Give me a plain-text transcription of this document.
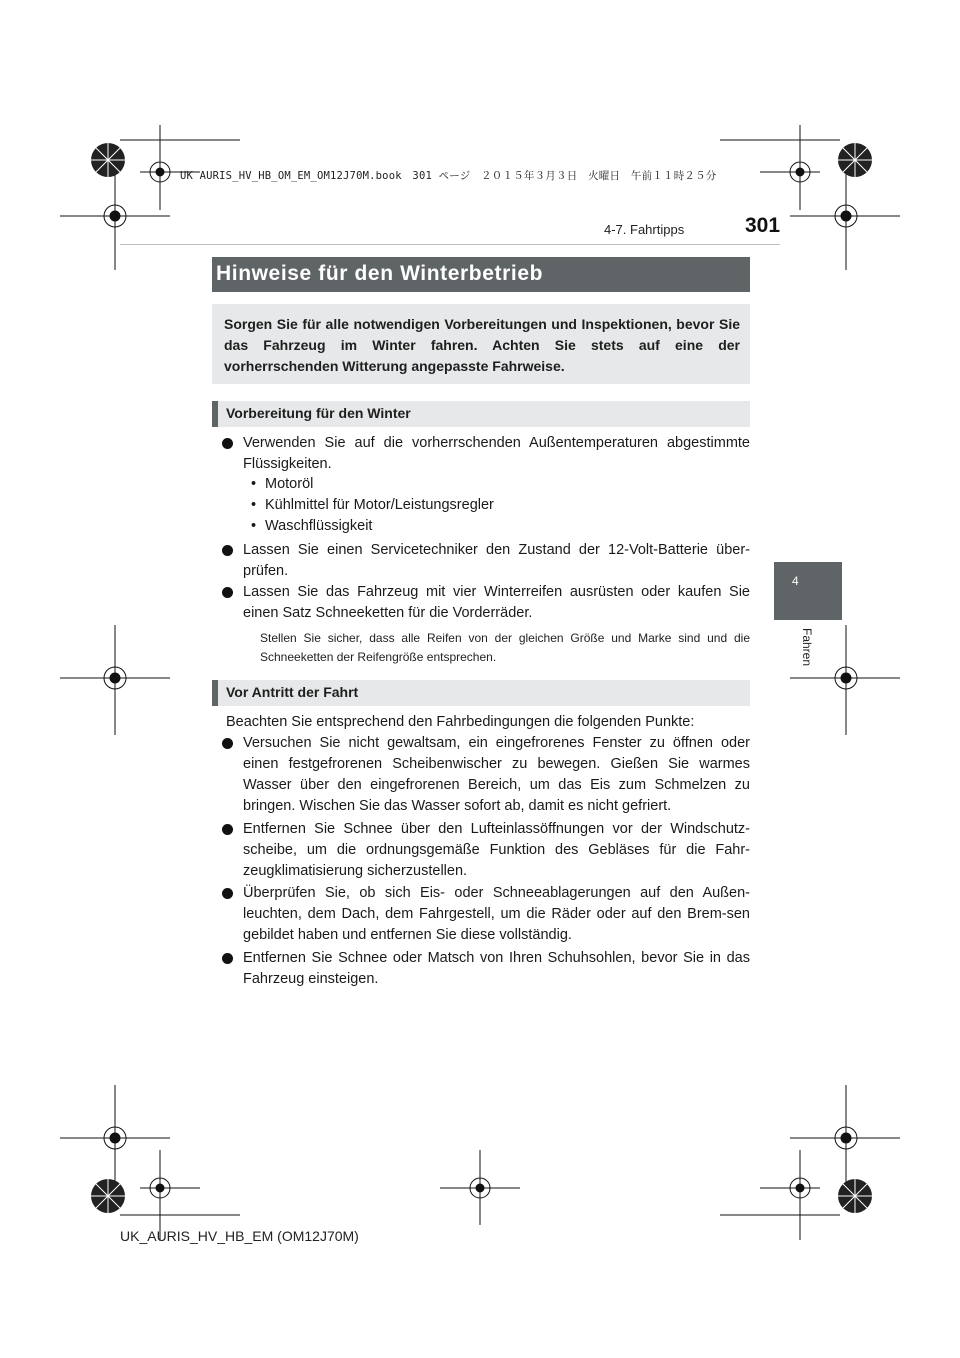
UK AURIS_HV_HB_OM_EM_OM12J70M.book　301 ページ　２０１５年３月３日　火曜日　午前１１時２５分
4-7. Fahrtipps	301
4
Fahren
Hinweise für den Winterbetrieb
Sorgen Sie für alle notwendigen Vorbereitungen und Inspektionen, bevor Sie das Fahrzeug im Winter fahren. Achten Sie stets auf eine der vorherrschenden Witterung angepasste Fahrweise.
Vorbereitung für den Winter
Verwenden Sie auf die vorherrschenden Außentemperaturen abgestimmte Flüssigkeiten.
• Motoröl
• Kühlmittel für Motor/Leistungsregler
• Waschflüssigkeit
Lassen Sie einen Servicetechniker den Zustand der 12-Volt-Batterie über-prüfen.
Lassen Sie das Fahrzeug mit vier Winterreifen ausrüsten oder kaufen Sie einen Satz Schneeketten für die Vorderräder.
Stellen Sie sicher, dass alle Reifen von der gleichen Größe und Marke sind und die Schneeketten der Reifengröße entsprechen.
Vor Antritt der Fahrt
Beachten Sie entsprechend den Fahrbedingungen die folgenden Punkte:
Versuchen Sie nicht gewaltsam, ein eingefrorenes Fenster zu öffnen oder einen festgefrorenen Scheibenwischer zu bewegen. Gießen Sie warmes Wasser über den eingefrorenen Bereich, um das Eis zum Schmelzen zu bringen. Wischen Sie das Wasser sofort ab, damit es nicht gefriert.
Entfernen Sie Schnee über den Lufteinlassöffnungen vor der Windschutz-scheibe, um die ordnungsgemäße Funktion des Gebläses für die Fahr-zeugklimatisierung sicherzustellen.
Überprüfen Sie, ob sich Eis- oder Schneeablagerungen auf den Außen-leuchten, dem Dach, dem Fahrgestell, um die Räder oder auf den Brem-sen gebildet haben und entfernen Sie diese vollständig.
Entfernen Sie Schnee oder Matsch von Ihren Schuhsohlen, bevor Sie in das Fahrzeug einsteigen.
UK_AURIS_HV_HB_EM (OM12J70M)
